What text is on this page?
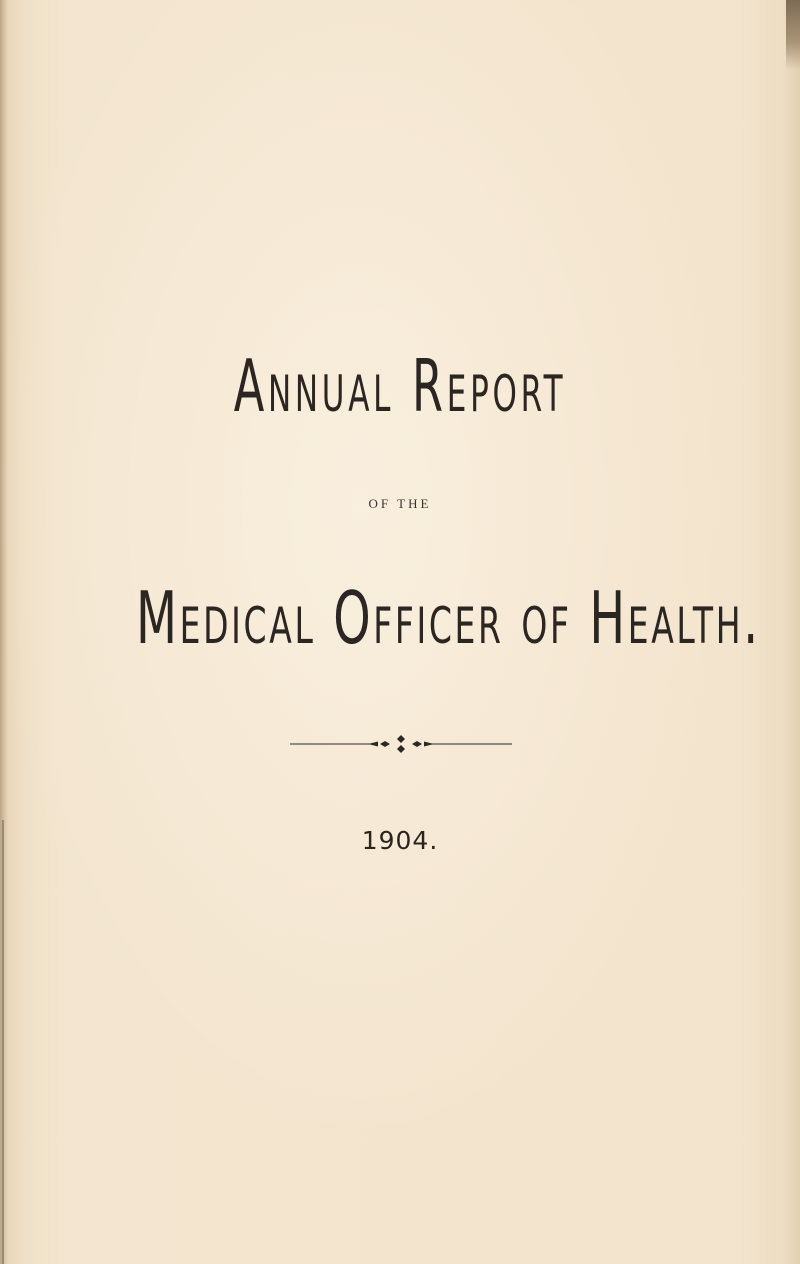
Annual Report
OF THE
Medical Officer of Health.
1904.
